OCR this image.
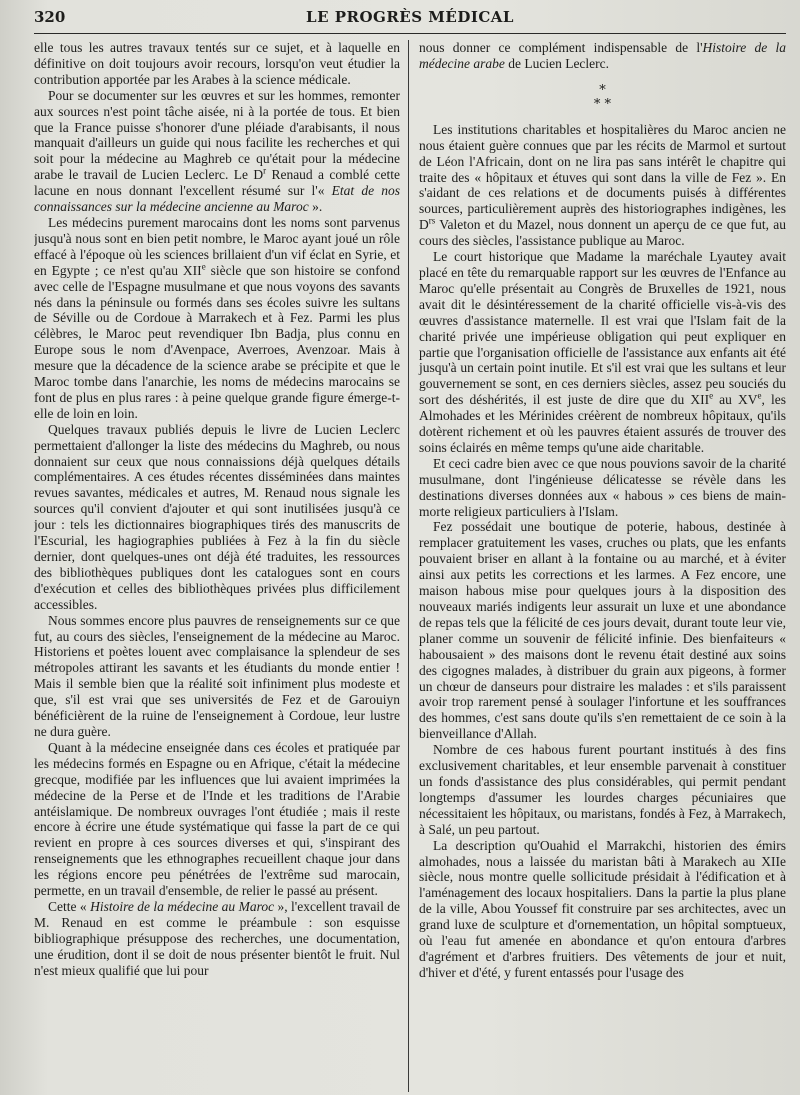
320	LE PROGRÈS MÉDICAL

elle tous les autres travaux tentés sur ce sujet, et à laquelle en définitive on doit toujours avoir recours, lorsqu'on veut étudier la contribution apportée par les Arabes à la science médicale.

Pour se documenter sur les œuvres et sur les hommes, remonter aux sources n'est point tâche aisée, ni à la portée de tous. Et bien que la France puisse s'honorer d'une pléiade d'arabisants, il nous manquait d'ailleurs un guide qui nous facilite les recherches et qui soit pour la médecine au Maghreb ce qu'était pour la médecine arabe le travail de Lucien Leclerc. Le $D^r$ Renaud a comblé cette lacune en nous donnant l'excellent résumé sur l'« Etat de nos connaissances sur la médecine ancienne au Maroc ».

Les médecins purement marocains dont les noms sont parvenus jusqu'à nous sont en bien petit nombre, le Maroc ayant joué un rôle effacé à l'époque où les sciences brillaient d'un vif éclat en Syrie, et en Egypte ; ce n'est qu'au XIIe siècle que son histoire se confond avec celle de l'Espagne musulmane et que nous voyons des savants nés dans la péninsule ou formés dans ses écoles suivre les sultans de Séville ou de Cordoue à Marrakech et à Fez. Parmi les plus célèbres, le Maroc peut revendiquer Ibn Badja, plus connu en Europe sous le nom d'Avenpace, Averroes, Avenzoar. Mais à mesure que la décadence de la science arabe se précipite et que le Maroc tombe dans l'anarchie, les noms de médecins marocains se font de plus en plus rares : à peine quelque grande figure émerge-t-elle de loin en loin.

Quelques travaux publiés depuis le livre de Lucien Leclerc permettaient d'allonger la liste des médecins du Maghreb, ou nous donnaient sur ceux que nous connaissions déjà quelques détails complémentaires. A ces études récentes disséminées dans maintes revues savantes, médicales et autres, M. Renaud nous signale les sources qu'il convient d'ajouter et qui sont inutilisées jusqu'à ce jour : tels les dictionnaires biographiques tirés des manuscrits de l'Escurial, les hagiographies publiées à Fez à la fin du siècle dernier, dont quelques-unes ont déjà été traduites, les ressources des bibliothèques publiques dont les catalogues sont en cours d'exécution et celles des bibliothèques privées plus difficilement accessibles.

Nous sommes encore plus pauvres de renseignements sur ce que fut, au cours des siècles, l'enseignement de la médecine au Maroc. Historiens et poètes louent avec complaisance la splendeur de ses métropoles attirant les savants et les étudiants du monde entier ! Mais il semble bien que la réalité soit infiniment plus modeste et que, s'il est vrai que ses universités de Fez et de Garouiyn bénéficièrent de la ruine de l'enseignement à Cordoue, leur lustre ne dura guère.

Quant à la médecine enseignée dans ces écoles et pratiquée par les médecins formés en Espagne ou en Afrique, c'était la médecine grecque, modifiée par les influences que lui avaient imprimées la médecine de la Perse et de l'Inde et les traditions de l'Arabie antéislamique. De nombreux ouvrages l'ont étudiée ; mais il reste encore à écrire une étude systématique qui fasse la part de ce qui revient en propre à ces sources diverses et qui, s'inspirant des renseignements que les ethnographes recueillent chaque jour dans les régions encore peu pénétrées de l'extrême sud marocain, permette, en un travail d'ensemble, de relier le passé au présent.

Cette « Histoire de la médecine au Maroc », l'excellent travail de M. Renaud en est comme le préambule : son esquisse bibliographique présuppose des recherches, une documentation, une érudition, dont il se doit de nous présenter bientôt le fruit. Nul n'est mieux qualifié que lui pour

nous donner ce complément indispensable de l'Histoire de la médecine arabe de Lucien Leclerc.

*
* *

Les institutions charitables et hospitalières du Maroc ancien ne nous étaient guère connues que par les récits de Marmol et surtout de Léon l'Africain, dont on ne lira pas sans intérêt le chapitre qui traite des « hôpitaux et étuves qui sont dans la ville de Fez ». En s'aidant de ces relations et de documents puisés à différentes sources, particulièrement auprès des historiographes indigènes, les $D^{rs}$ Valeton et du Mazel, nous donnent un aperçu de ce que fut, au cours des siècles, l'assistance publique au Maroc.

Le court historique que Madame la maréchale Lyautey avait placé en tête du remarquable rapport sur les œuvres de l'Enfance au Maroc qu'elle présentait au Congrès de Bruxelles de 1921, nous avait dit le désintéressement de la charité officielle vis-à-vis des œuvres d'assistance maternelle. Il est vrai que l'Islam fait de la charité privée une impérieuse obligation qui peut expliquer en partie que l'organisation officielle de l'assistance aux enfants ait été jusqu'à un certain point inutile. Et s'il est vrai que les sultans et leur gouvernement se sont, en ces derniers siècles, assez peu souciés du sort des déshérités, il est juste de dire que du XIIe au XVe, les Almohades et les Mérinides créèrent de nombreux hôpitaux, qu'ils dotèrent richement et où les pauvres étaient assurés de trouver des soins éclairés en même temps qu'une aide charitable.

Et ceci cadre bien avec ce que nous pouvions savoir de la charité musulmane, dont l'ingénieuse délicatesse se révèle dans les destinations diverses données aux « habous » ces biens de main-morte religieux particuliers à l'Islam.

Fez possédait une boutique de poterie, habous, destinée à remplacer gratuitement les vases, cruches ou plats, que les enfants pouvaient briser en allant à la fontaine ou au marché, et à éviter ainsi aux petits les corrections et les larmes. A Fez encore, une maison habous mise pour quelques jours à la disposition des nouveaux mariés indigents leur assurait un luxe et une abondance de repas tels que la félicité de ces jours devait, durant toute leur vie, planer comme un souvenir de félicité infinie. Des bienfaiteurs « habousaient » des maisons dont le revenu était destiné aux soins des cigognes malades, à distribuer du grain aux pigeons, à former un chœur de danseurs pour distraire les malades : et s'ils paraissent avoir trop rarement pensé à soulager l'infortune et les souffrances des hommes, c'est sans doute qu'ils s'en remettaient de ce soin à la bienveillance d'Allah.

Nombre de ces habous furent pourtant institués à des fins exclusivement charitables, et leur ensemble parvenait à constituer un fonds d'assistance des plus considérables, qui permit pendant longtemps d'assumer les lourdes charges pécuniaires que nécessitaient les hôpitaux, ou maristans, fondés à Fez, à Marrakech, à Salé, un peu partout.

La description qu'Ouahid el Marrakchi, historien des émirs almohades, nous a laissée du maristan bâti à Marakech au XIIe siècle, nous montre quelle sollicitude présidait à l'édification et à l'aménagement des locaux hospitaliers. Dans la partie la plus plane de la ville, Abou Youssef fit construire par ses architectes, avec un grand luxe de sculpture et d'ornementation, un hôpital somptueux, où l'eau fut amenée en abondance et qu'on entoura d'arbres d'agrément et d'arbres fruitiers. Des vêtements de jour et nuit, d'hiver et d'été, y furent entassés pour l'usage des
